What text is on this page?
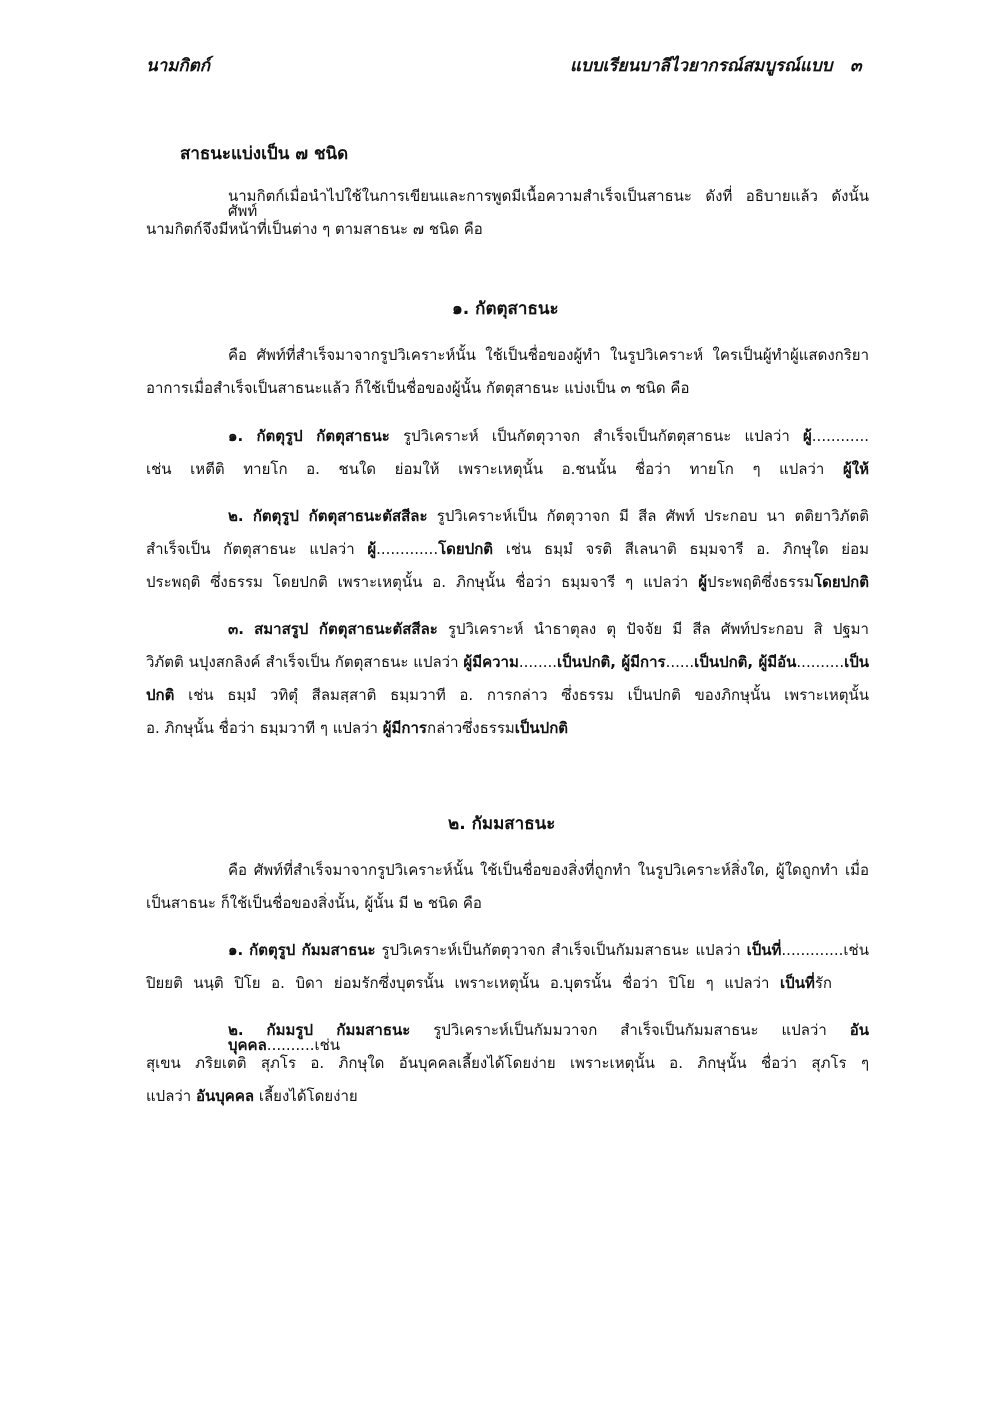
นามกิตก์	แบบเรียนบาลีไวยากรณ์สมบูรณ์แบบ ๓
สาธนะแบ่งเป็น ๗ ชนิด
นามกิตก์เมื่อนำไปใช้ในการเขียนและการพูดมีเนื้อความสำเร็จเป็นสาธนะ ดังที่ อธิบายแล้ว ดังนั้นศัพท์
นามกิตก์จึงมีหน้าที่เป็นต่าง ๆ ตามสาธนะ ๗ ชนิด คือ
๑. กัตตุสาธนะ
คือ ศัพท์ที่สำเร็จมาจากรูปวิเคราะห์นั้น ใช้เป็นชื่อของผู้ทำ ในรูปวิเคราะห์ ใครเป็นผู้ทำผู้แสดงกริยา
อาการเมื่อสำเร็จเป็นสาธนะแล้ว ก็ใช้เป็นชื่อของผู้นั้น กัตตุสาธนะ แบ่งเป็น ๓ ชนิด คือ
๑. กัตตุรูป กัตตุสาธนะ รูปวิเคราะห์ เป็นกัตตุวาจก สำเร็จเป็นกัตตุสาธนะ แปลว่า ผู้............
เช่น เหตีติ ทายโก อ. ชนใด ย่อมให้ เพราะเหตุนั้น อ.ชนนั้น ชื่อว่า ทายโก ๆ แปลว่า ผู้ให้
๒. กัตตุรูป กัตตุสาธนะตัสสีละ รูปวิเคราะห์เป็น กัตตุวาจก มี สีล ศัพท์ ประกอบ นา ตติยาวิภัตติ
สำเร็จเป็น กัตตุสาธนะ แปลว่า ผู้.............โดยปกติ เช่น ธมฺมํ จรติ สีเลนาติ ธมฺมจารี อ. ภิกษุใด ย่อม
ประพฤติ ซึ่งธรรม โดยปกติ เพราะเหตุนั้น อ. ภิกษุนั้น ชื่อว่า ธมฺมจารี ๆ แปลว่า ผู้ประพฤติซึ่งธรรมโดยปกติ
๓. สมาสรูป กัตตุสาธนะตัสสีละ รูปวิเคราะห์ นำธาตุลง ตุ ปัจจัย มี สีล ศัพท์ประกอบ สิ ปฐมา
วิภัตติ นปุงสกลิงค์ สำเร็จเป็น กัตตุสาธนะ แปลว่า ผู้มีความ........เป็นปกติ, ผู้มีการ......เป็นปกติ, ผู้มีอัน..........เป็น
ปกติ เช่น ธมฺมํ วทิตุํ สีลมสฺสาติ ธมฺมวาที อ. การกล่าว ซึ่งธรรม เป็นปกติ ของภิกษุนั้น เพราะเหตุนั้น
อ. ภิกษุนั้น ชื่อว่า ธมฺมวาที ๆ แปลว่า ผู้มีการกล่าวซึ่งธรรมเป็นปกติ
๒. กัมมสาธนะ
คือ ศัพท์ที่สำเร็จมาจากรูปวิเคราะห์นั้น ใช้เป็นชื่อของสิ่งที่ถูกทำ ในรูปวิเคราะห์สิ่งใด, ผู้ใดถูกทำ เมื่อ
เป็นสาธนะ ก็ใช้เป็นชื่อของสิ่งนั้น, ผู้นั้น มี ๒ ชนิด คือ
๑. กัตตุรูป กัมมสาธนะ รูปวิเคราะห์เป็นกัตตุวาจก สำเร็จเป็นกัมมสาธนะ แปลว่า เป็นที่.............เช่น
ปิยยติ นนฺติ ปิโย อ. บิดา ย่อมรักซึ่งบุตรนั้น เพราะเหตุนั้น อ.บุตรนั้น ชื่อว่า ปิโย ๆ แปลว่า เป็นที่รัก
๒. กัมมรูป กัมมสาธนะ รูปวิเคราะห์เป็นกัมมวาจก สำเร็จเป็นกัมมสาธนะ แปลว่า อันบุคคล..........เช่น
สุเขน ภริยเตติ สุภโร อ. ภิกษุใด อันบุคคลเลี้ยงได้โดยง่าย เพราะเหตุนั้น อ. ภิกษุนั้น ชื่อว่า สุภโร ๆ
แปลว่า อันบุคคล เลี้ยงได้โดยง่าย
